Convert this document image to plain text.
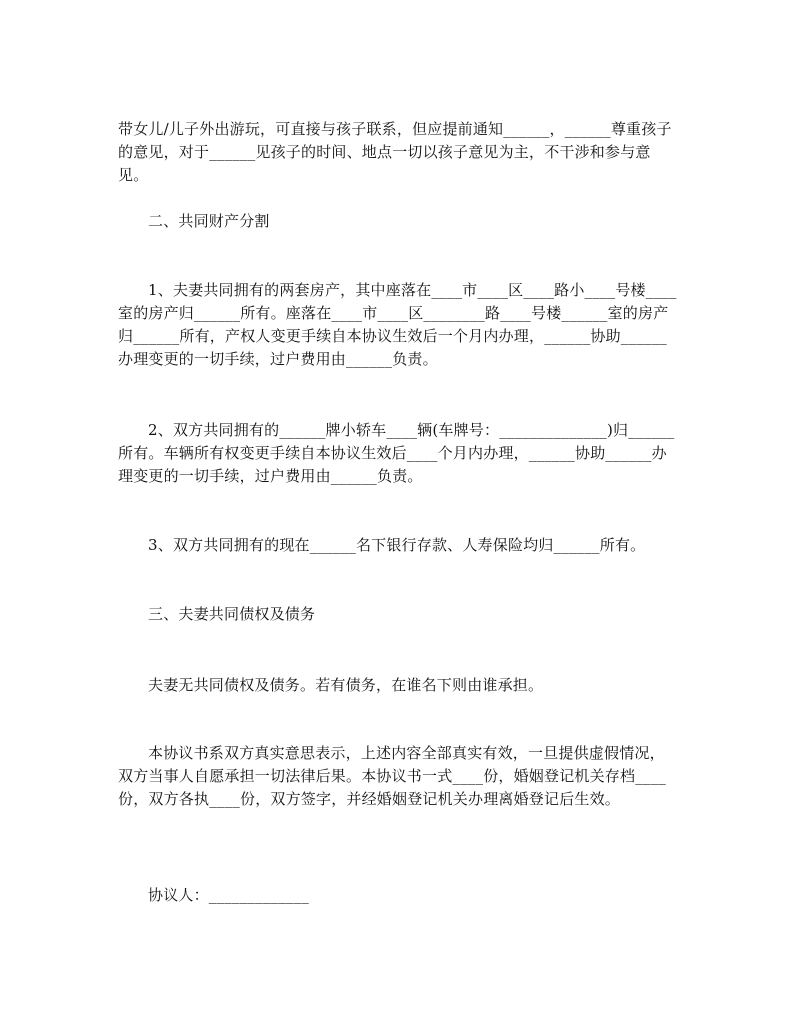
带女儿/儿子外出游玩，可直接与孩子联系，但应提前通知______，______尊重孩子的意见，对于______见孩子的时间、地点一切以孩子意见为主，不干涉和参与意见。

二、共同财产分割

1、夫妻共同拥有的两套房产，其中座落在____市____区____路小____号楼____室的房产归______所有。座落在____市____区________路____号楼______室的房产归______所有，产权人变更手续自本协议生效后一个月内办理，______协助______办理变更的一切手续，过户费用由______负责。

2、双方共同拥有的______牌小轿车____辆(车牌号：______________)归______所有。车辆所有权变更手续自本协议生效后____个月内办理，______协助______办理变更的一切手续，过户费用由______负责。

3、双方共同拥有的现在______名下银行存款、人寿保险均归______所有。

三、夫妻共同债权及债务

夫妻无共同债权及债务。若有债务，在谁名下则由谁承担。

本协议书系双方真实意思表示，上述内容全部真实有效，一旦提供虚假情况，双方当事人自愿承担一切法律后果。本协议书一式____份，婚姻登记机关存档____份，双方各执____份，双方签字，并经婚姻登记机关办理离婚登记后生效。

协议人：_____________
